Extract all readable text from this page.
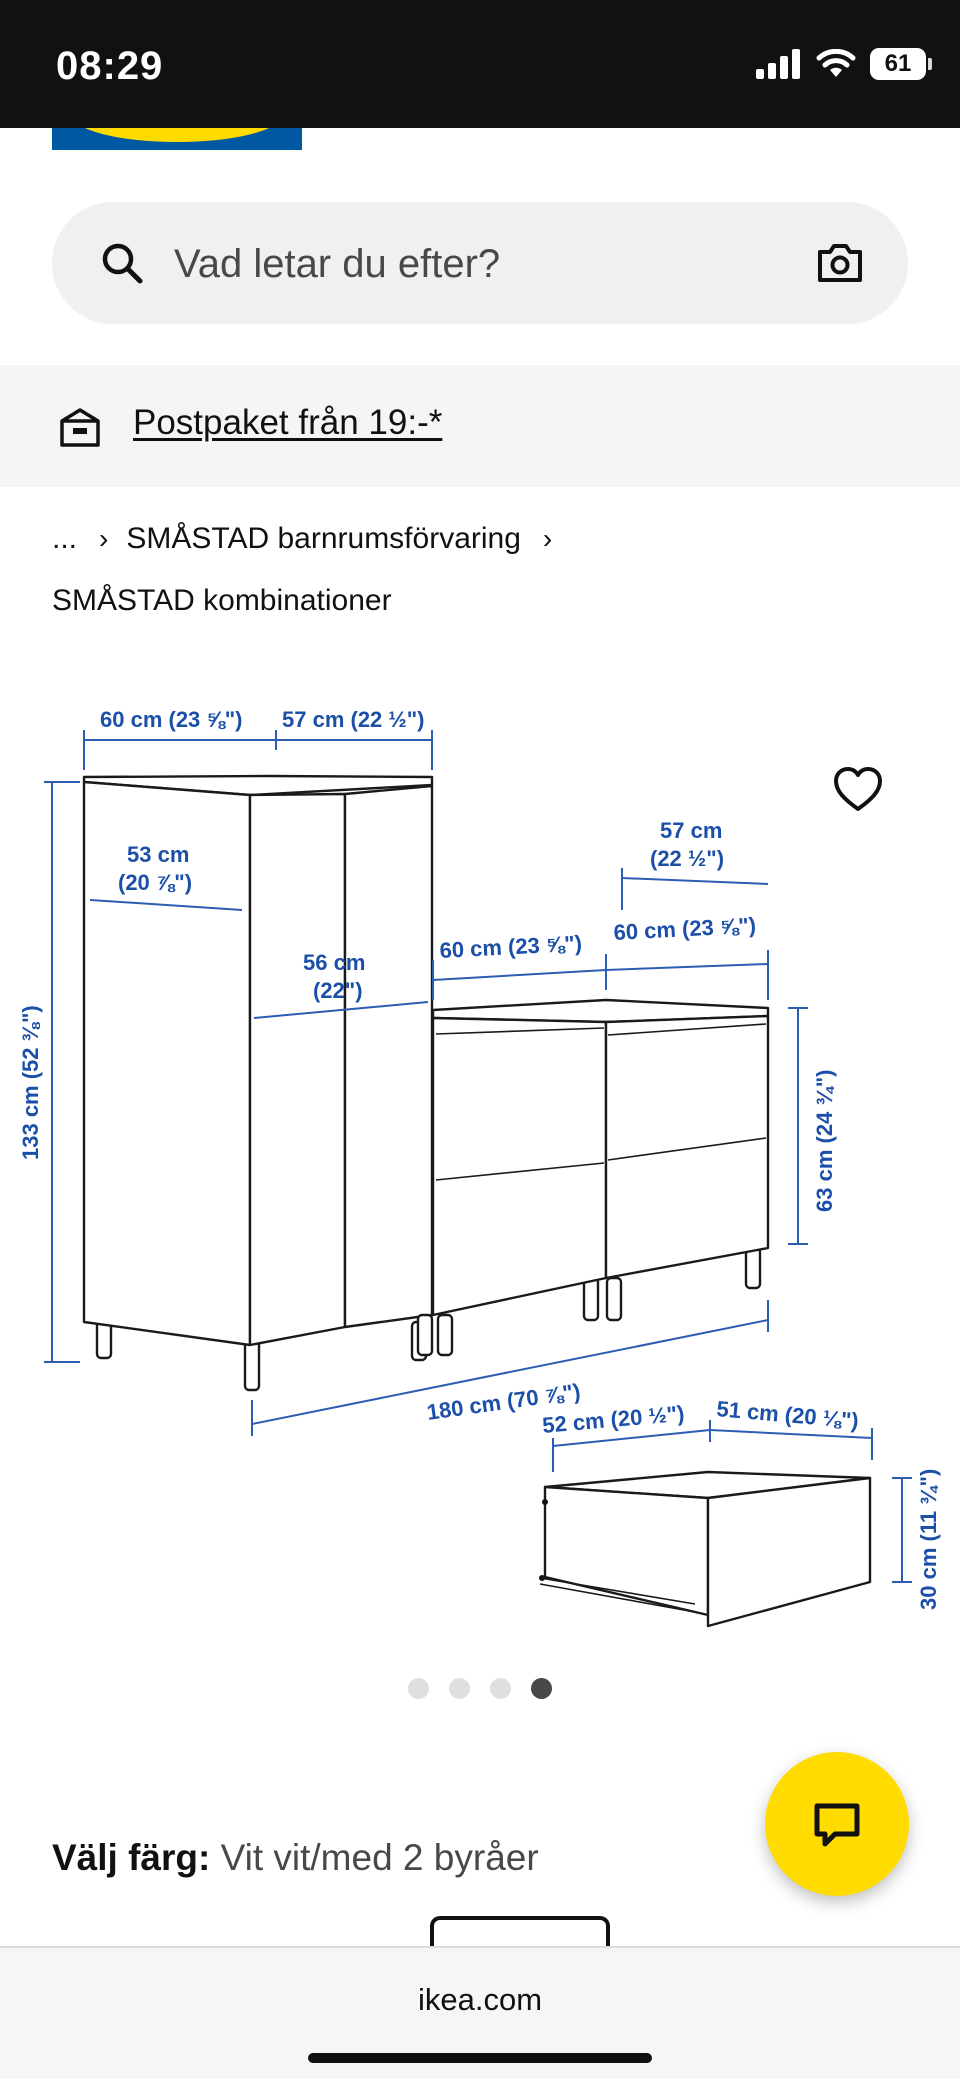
08:29	61
Vad letar du efter?
Postpaket från 19:-*
... › SMÅSTAD barnrumsförvaring ›
SMÅSTAD kombinationer
60 cm (23 ⅝") 57 cm (22 ½")
53 cm
(20 ⅞")
56 cm
(22")
133 cm (52 ⅜")
60 cm (23 ⅝")
60 cm (23 ⅝")
57 cm
(22 ½")
63 cm (24 ¾")
180 cm (70 ⅞")
52 cm (20 ½") 51 cm (20 ⅛")
30 cm (11 ¾")
Välj färg: Vit vit/med 2 byråer
ikea.com
